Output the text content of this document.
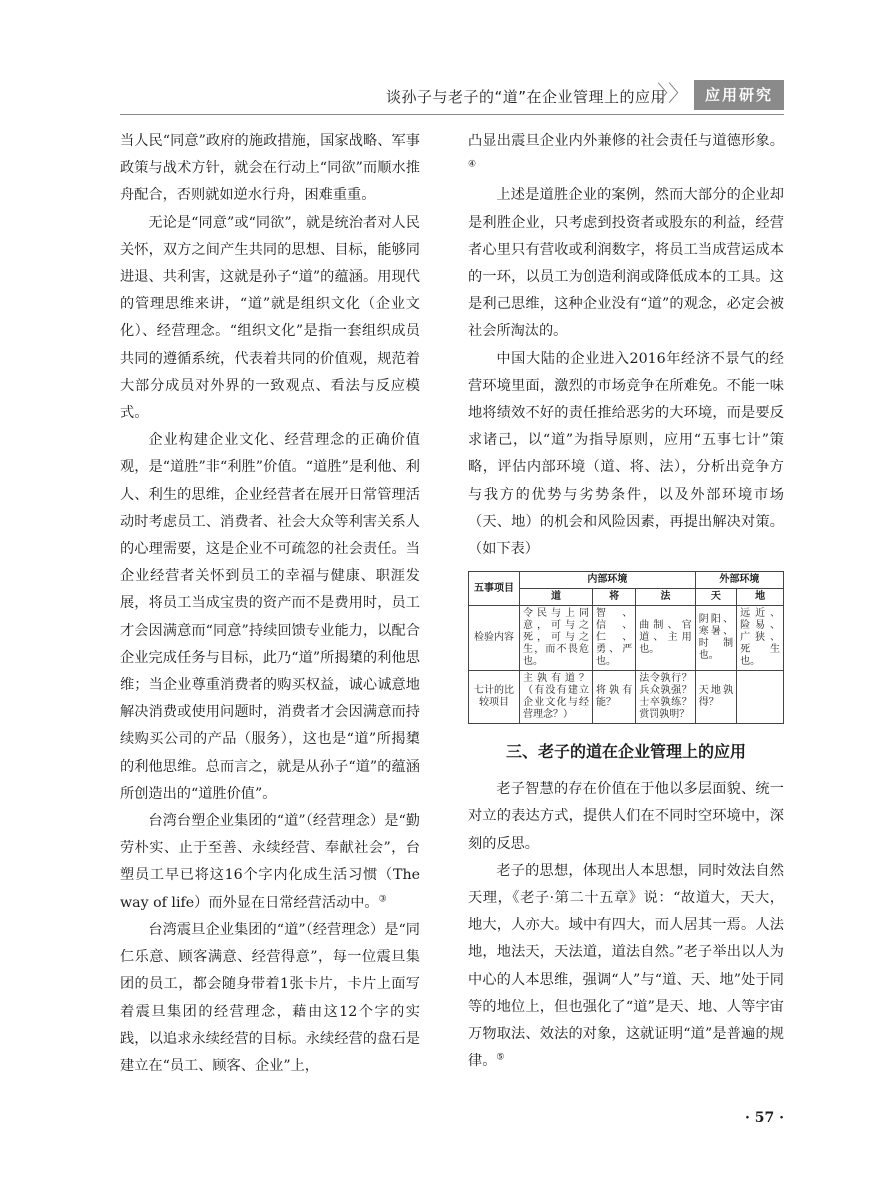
谈孙子与老子的“道”在企业管理上的应用
〉〉 应用研究

当人民“同意”政府的施政措施，国家战略、军事政策与战术方针，就会在行动上“同欲”而顺水推舟配合，否则就如逆水行舟，困难重重。

无论是“同意”或“同欲”，就是统治者对人民关怀，双方之间产生共同的思想、目标，能够同进退、共利害，这就是孙子“道”的蕴涵。用现代的管理思维来讲，“道”就是组织文化（企业文化）、经营理念。“组织文化”是指一套组织成员共同的遵循系统，代表着共同的价值观，规范着大部分成员对外界的一致观点、看法与反应模式。

企业构建企业文化、经营理念的正确价值观，是“道胜”非“利胜”价值。“道胜”是利他、利人、利生的思维，企业经营者在展开日常管理活动时考虑员工、消费者、社会大众等利害关系人的心理需要，这是企业不可疏忽的社会责任。当企业经营者关怀到员工的幸福与健康、职涯发展，将员工当成宝贵的资产而不是费用时，员工才会因满意而“同意”持续回馈专业能力，以配合企业完成任务与目标，此乃“道”所揭橥的利他思维；当企业尊重消费者的购买权益，诚心诚意地解决消费或使用问题时，消费者才会因满意而持续购买公司的产品（服务），这也是“道”所揭橥的利他思维。总而言之，就是从孙子“道”的蕴涵所创造出的“道胜价值”。

台湾台塑企业集团的“道”（经营理念）是“勤劳朴实、止于至善、永续经营、奉献社会”，台塑员工早已将这16个字内化成生活习惯（The way of life）而外显在日常经营活动中。③

台湾震旦企业集团的“道”（经营理念）是“同仁乐意、顾客满意、经营得意”，每一位震旦集团的员工，都会随身带着1张卡片，卡片上面写着震旦集团的经营理念，藉由这12个字的实践，以追求永续经营的目标。永续经营的盘石是建立在“员工、顾客、企业”上，

凸显出震旦企业内外兼修的社会责任与道德形象。④

上述是道胜企业的案例，然而大部分的企业却是利胜企业，只考虑到投资者或股东的利益，经营者心里只有营收或利润数字，将员工当成营运成本的一环，以员工为创造利润或降低成本的工具。这是利己思维，这种企业没有“道”的观念，必定会被社会所淘汰的。

中国大陆的企业进入2016年经济不景气的经营环境里面，激烈的市场竞争在所难免。不能一味地将绩效不好的责任推给恶劣的大环境，而是要反求诸己，以“道”为指导原则，应用“五事七计”策略，评估内部环境（道、将、法），分析出竞争方与我方的优势与劣势条件，以及外部环境市场（天、地）的机会和风险因素，再提出解决对策。（如下表）

五事项目	内部环境			外部环境	
	道	将	法	天	地
检验内容	令民与上同意，可与之死，可与之生，而不畏危也。	智、信、仁、勇、严也。	曲制、官道、主用也。	阴阳、寒暑、时制也。	远近、险易、广狭、死生也。
七计的比较项目	主孰有道？（有没有建立企业文化与经营理念？）	将孰有能？	法令孰行？兵众孰强？士卒孰练？赏罚孰明？	天地孰得？	
三、老子的道在企业管理上的应用

老子智慧的存在价值在于他以多层面貌、统一对立的表达方式，提供人们在不同时空环境中，深刻的反思。

老子的思想，体现出人本思想，同时效法自然天理，《老子·第二十五章》说：“故道大，天大，地大，人亦大。域中有四大，而人居其一焉。人法地，地法天，天法道，道法自然。”老子举出以人为中心的人本思维，强调“人”与“道、天、地”处于同等的地位上，但也强化了“道”是天、地、人等宇宙万物取法、效法的对象，这就证明“道”是普遍的规律。⑤

· 57 ·
